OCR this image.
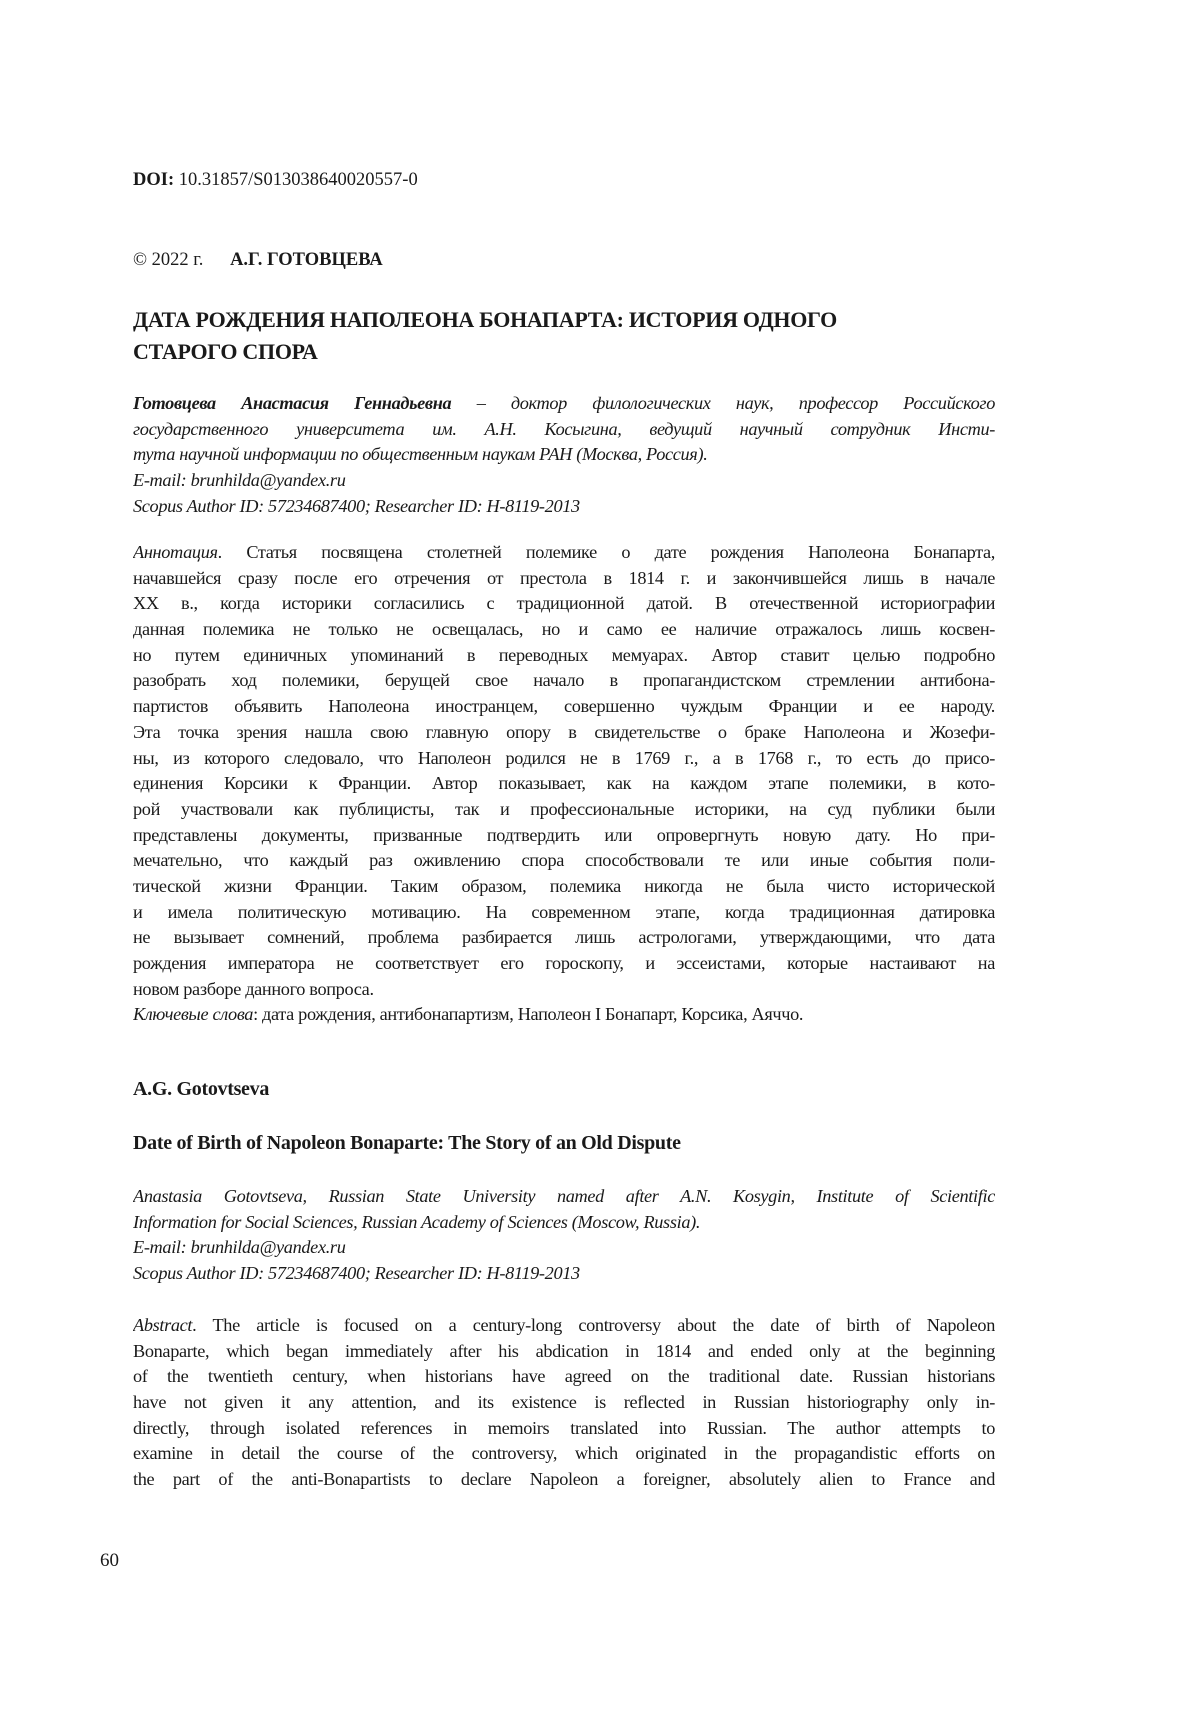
DOI: 10.31857/S013038640020557-0
© 2022 г. А.Г. ГОТОВЦЕВА
ДАТА РОЖДЕНИЯ НАПОЛЕОНА БОНАПАРТА: ИСТОРИЯ ОДНОГО
СТАРОГО СПОРА
Готовцева Анастасия Геннадьевна – доктор филологических наук, профессор Российского
государственного университета им. А.Н. Косыгина, ведущий научный сотрудник Инсти-
тута научной информации по общественным наукам РАН (Москва, Россия).
E-mail: brunhilda@yandex.ru
Scopus Author ID: 57234687400; Researcher ID: H-8119-2013
Аннотация. Статья посвящена столетней полемике о дате рождения Наполеона Бонапарта,
начавшейся сразу после его отречения от престола в 1814 г. и закончившейся лишь в начале
XX в., когда историки согласились с традиционной датой. В отечественной историографии
данная полемика не только не освещалась, но и само ее наличие отражалось лишь косвен-
но путем единичных упоминаний в переводных мемуарах. Автор ставит целью подробно
разобрать ход полемики, берущей свое начало в пропагандистском стремлении антибона-
партистов объявить Наполеона иностранцем, совершенно чуждым Франции и ее народу.
Эта точка зрения нашла свою главную опору в свидетельстве о браке Наполеона и Жозефи-
ны, из которого следовало, что Наполеон родился не в 1769 г., а в 1768 г., то есть до присо-
единения Корсики к Франции. Автор показывает, как на каждом этапе полемики, в кото-
рой участвовали как публицисты, так и профессиональные историки, на суд публики были
представлены документы, призванные подтвердить или опровергнуть новую дату. Но при-
мечательно, что каждый раз оживлению спора способствовали те или иные события поли-
тической жизни Франции. Таким образом, полемика никогда не была чисто исторической
и имела политическую мотивацию. На современном этапе, когда традиционная датировка
не вызывает сомнений, проблема разбирается лишь астрологами, утверждающими, что дата
рождения императора не соответствует его гороскопу, и эссеистами, которые настаивают на
новом разборе данного вопроса.
Ключевые слова: дата рождения, антибонапартизм, Наполеон I Бонапарт, Корсика, Аяччо.
A.G. Gotovtseva
Date of Birth of Napoleon Bonaparte: The Story of an Old Dispute
Anastasia Gotovtseva, Russian State University named after A.N. Kosygin, Institute of Scientific
Information for Social Sciences, Russian Academy of Sciences (Moscow, Russia).
E-mail: brunhilda@yandex.ru
Scopus Author ID: 57234687400; Researcher ID: H-8119-2013
Abstract. The article is focused on a century-long controversy about the date of birth of Napoleon
Bonaparte, which began immediately after his abdication in 1814 and ended only at the beginning
of the twentieth century, when historians have agreed on the traditional date. Russian historians
have not given it any attention, and its existence is reflected in Russian historiography only in-
directly, through isolated references in memoirs translated into Russian. The author attempts to
examine in detail the course of the controversy, which originated in the propagandistic efforts on
the part of the anti-Bonapartists to declare Napoleon a foreigner, absolutely alien to France and
60
